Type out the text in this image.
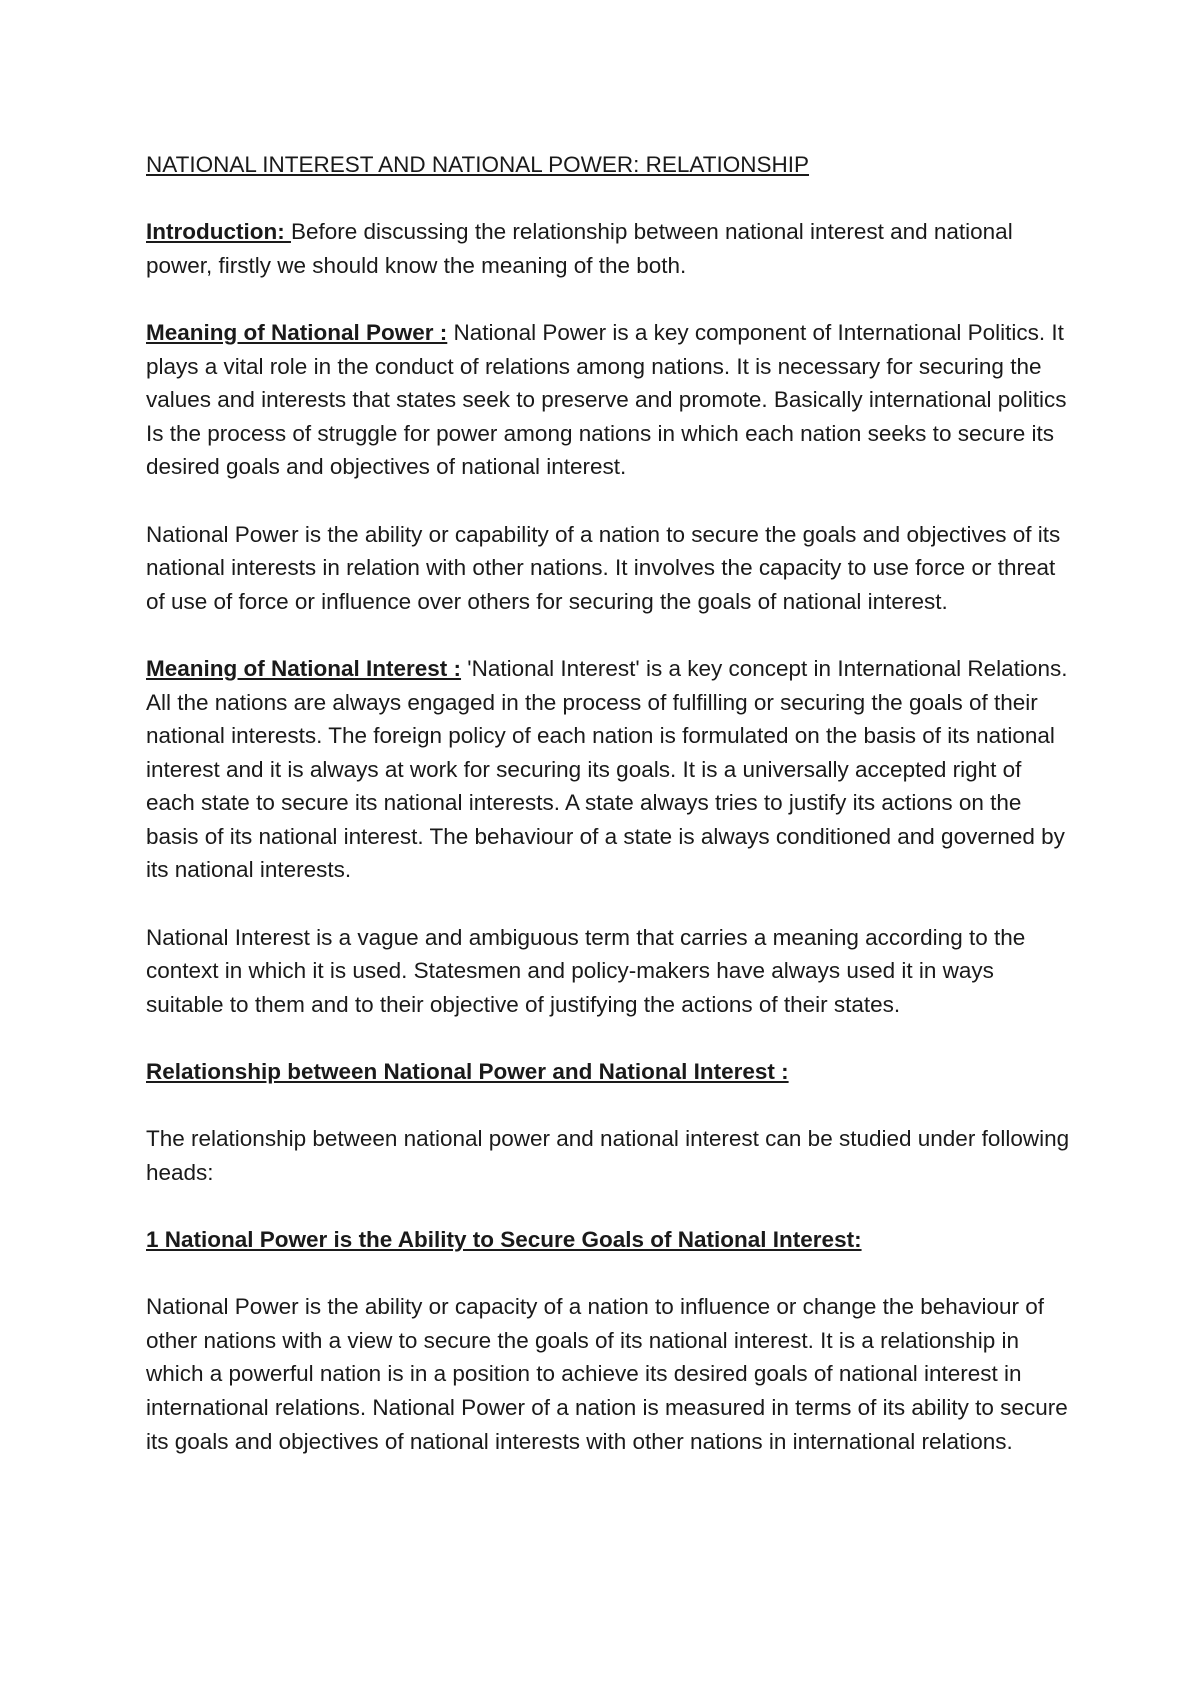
NATIONAL INTEREST AND NATIONAL POWER: RELATIONSHIP

Introduction: Before discussing the relationship between national interest and national power, firstly we should know the meaning of the both.

Meaning of National Power : National Power is a key component of International Politics. It plays a vital role in the conduct of relations among nations. It is necessary for securing the values and interests that states seek to preserve and promote. Basically international politics Is the process of struggle for power among nations in which each nation seeks to secure its desired goals and objectives of national interest.

National Power is the ability or capability of a nation to secure the goals and objectives of its national interests in relation with other nations. It involves the capacity to use force or threat of use of force or influence over others for securing the goals of national interest.

Meaning of National Interest : 'National Interest' is a key concept in International Relations. All the nations are always engaged in the process of fulfilling or securing the goals of their national interests. The foreign policy of each nation is formulated on the basis of its national interest and it is always at work for securing its goals. It is a universally accepted right of each state to secure its national interests. A state always tries to justify its actions on the basis of its national interest. The behaviour of a state is always conditioned and governed by its national interests.

National Interest is a vague and ambiguous term that carries a meaning according to the context in which it is used. Statesmen and policy-makers have always used it in ways suitable to them and to their objective of justifying the actions of their states.

Relationship between National Power and National Interest :

The relationship between national power and national interest can be studied under following heads:

1 National Power is the Ability to Secure Goals of National Interest:

National Power is the ability or capacity of a nation to influence or change the behaviour of other nations with a view to secure the goals of its national interest. It is a relationship in which a powerful nation is in a position to achieve its desired goals of national interest in international relations. National Power of a nation is measured in terms of its ability to secure its goals and objectives of national interests with other nations in international relations.
